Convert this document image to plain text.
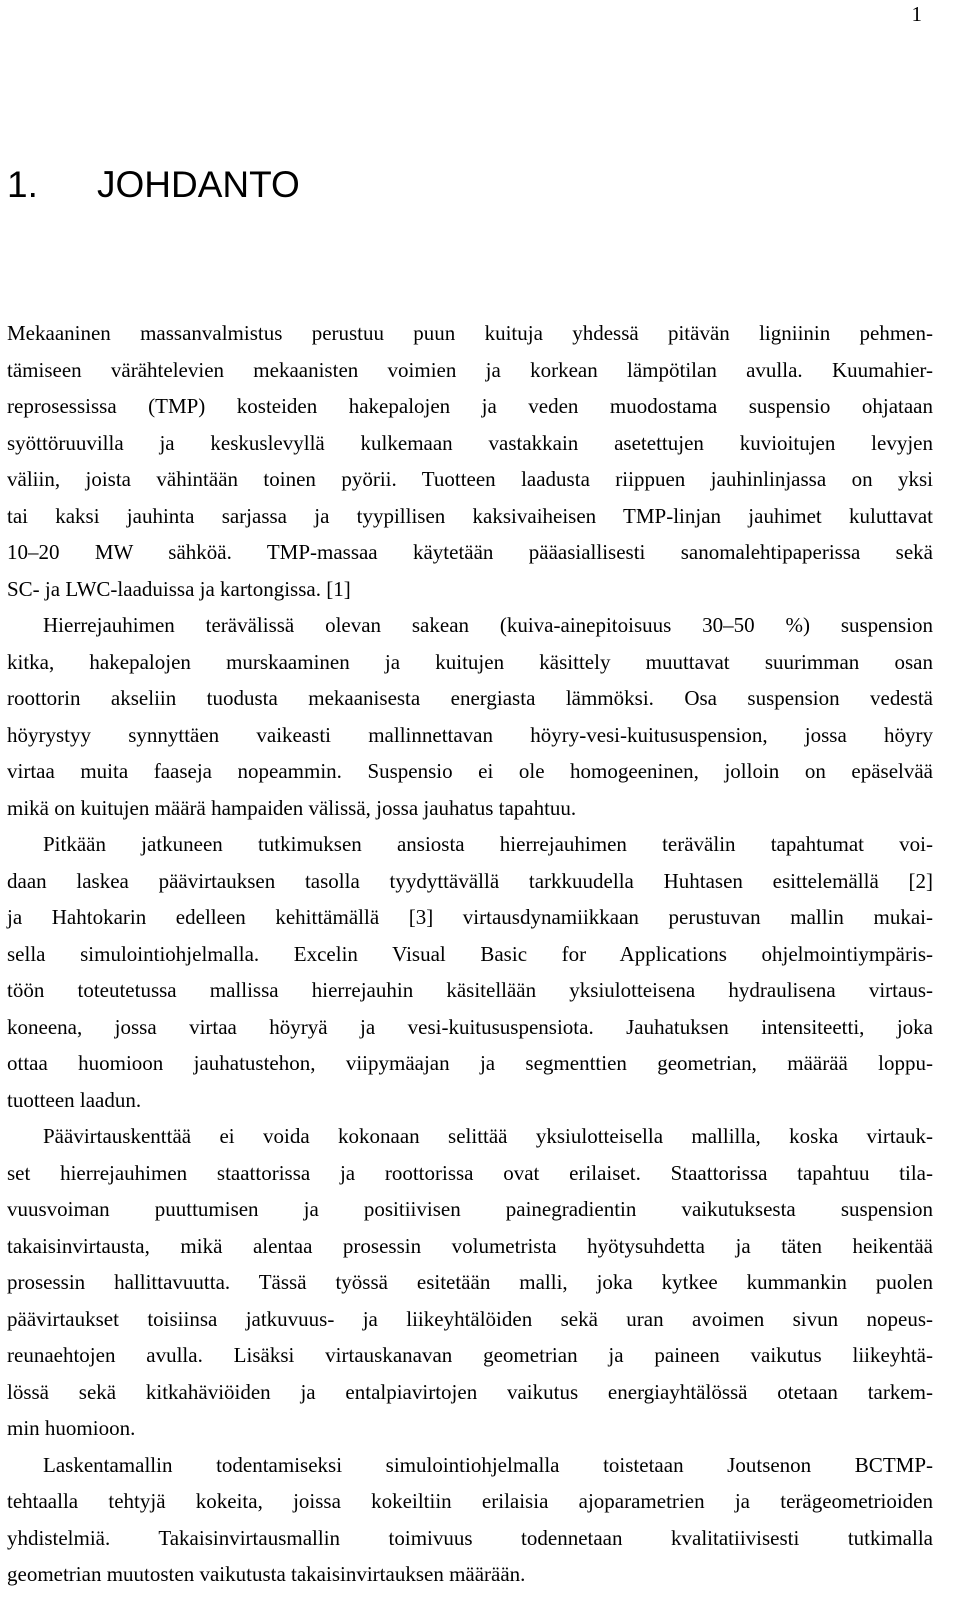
1
1. JOHDANTO

Mekaaninen massanvalmistus perustuu puun kuituja yhdessä pitävän ligniinin pehmen-
tämiseen värähtelevien mekaanisten voimien ja korkean lämpötilan avulla. Kuumahier-
reprosessissa (TMP) kosteiden hakepalojen ja veden muodostama suspensio ohjataan
syöttöruuvilla ja keskuslevyllä kulkemaan vastakkain asetettujen kuvioitujen levyjen
väliin, joista vähintään toinen pyörii. Tuotteen laadusta riippuen jauhinlinjassa on yksi
tai kaksi jauhinta sarjassa ja tyypillisen kaksivaiheisen TMP-linjan jauhimet kuluttavat
10–20 MW sähköä. TMP-massaa käytetään pääasiallisesti sanomalehtipaperissa sekä
SC- ja LWC-laaduissa ja kartongissa. [1]

Hierrejauhimen terävälissä olevan sakean (kuiva-ainepitoisuus 30–50 %) suspension
kitka, hakepalojen murskaaminen ja kuitujen käsittely muuttavat suurimman osan
roottorin akseliin tuodusta mekaanisesta energiasta lämmöksi. Osa suspension vedestä
höyrystyy synnyttäen vaikeasti mallinnettavan höyry-vesi-kuitususpension, jossa höyry
virtaa muita faaseja nopeammin. Suspensio ei ole homogeeninen, jolloin on epäselvää
mikä on kuitujen määrä hampaiden välissä, jossa jauhatus tapahtuu.

Pitkään jatkuneen tutkimuksen ansiosta hierrejauhimen terävälin tapahtumat voi-
daan laskea päävirtauksen tasolla tyydyttävällä tarkkuudella Huhtasen esittelemällä [2]
ja Hahtokarin edelleen kehittämällä [3] virtausdynamiikkaan perustuvan mallin mukai-
sella simulointiohjelmalla. Excelin Visual Basic for Applications ohjelmointiympäris-
töön toteutetussa mallissa hierrejauhin käsitellään yksiulotteisena hydraulisena virtaus-
koneena, jossa virtaa höyryä ja vesi-kuitususpensiota. Jauhatuksen intensiteetti, joka
ottaa huomioon jauhatustehon, viipymäajan ja segmenttien geometrian, määrää loppu-
tuotteen laadun.

Päävirtauskenttää ei voida kokonaan selittää yksiulotteisella mallilla, koska virtauk-
set hierrejauhimen staattorissa ja roottorissa ovat erilaiset. Staattorissa tapahtuu tila-
vuusvoiman puuttumisen ja positiivisen painegradientin vaikutuksesta suspension
takaisinvirtausta, mikä alentaa prosessin volumetrista hyötysuhdetta ja täten heikentää
prosessin hallittavuutta. Tässä työssä esitetään malli, joka kytkee kummankin puolen
päävirtaukset toisiinsa jatkuvuus- ja liikeyhtälöiden sekä uran avoimen sivun nopeus-
reunaehtojen avulla. Lisäksi virtauskanavan geometrian ja paineen vaikutus liikeyhtä-
lössä sekä kitkahäviöiden ja entalpiavirtojen vaikutus energiayhtälössä otetaan tarkem-
min huomioon.

Laskentamallin todentamiseksi simulointiohjelmalla toistetaan Joutsenon BCTMP-
tehtaalla tehtyjä kokeita, joissa kokeiltiin erilaisia ajoparametrien ja terägeometrioiden
yhdistelmiä. Takaisinvirtausmallin toimivuus todennetaan kvalitatiivisesti tutkimalla
geometrian muutosten vaikutusta takaisinvirtauksen määrään.
